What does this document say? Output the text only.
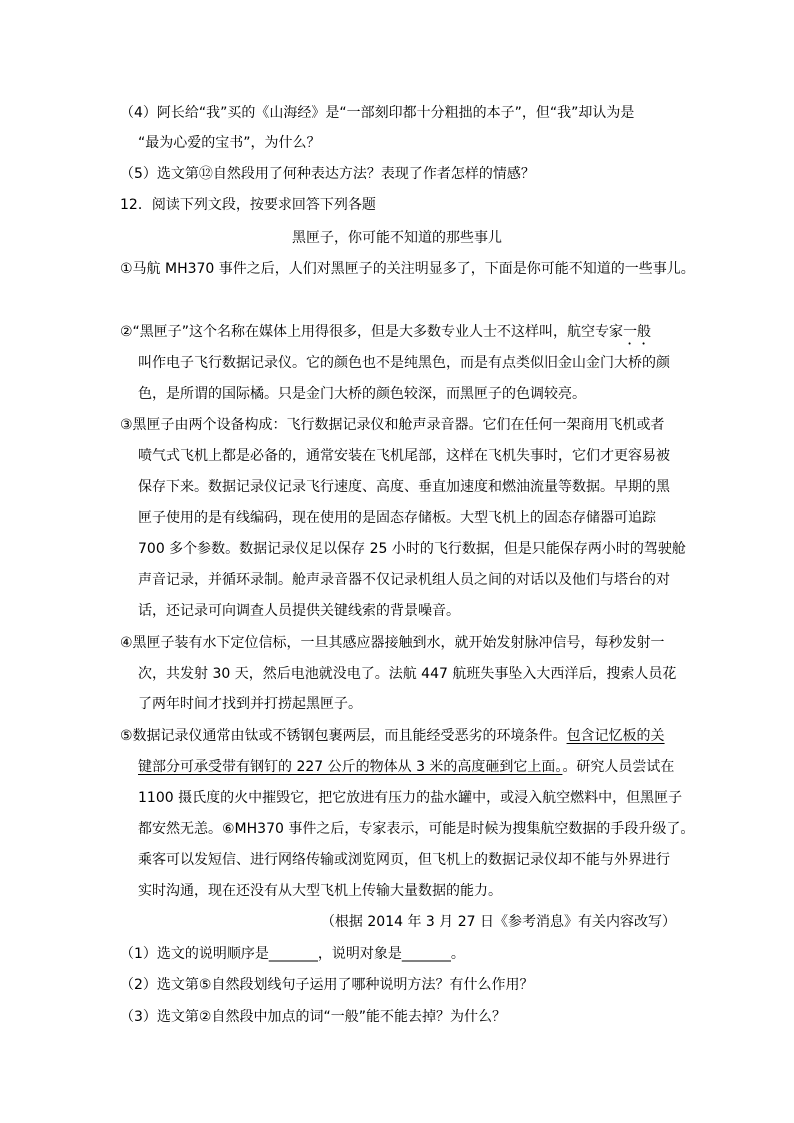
（4）阿长给“我”买的《山海经》是“一部刻印都十分粗拙的本子”，但“我”却认为是
“最为心爱的宝书”，为什么？
（5）选文第⑫自然段用了何种表达方法？表现了作者怎样的情感？
12．阅读下列文段，按要求回答下列各题
黑匣子，你可能不知道的那些事儿
①马航 MH370 事件之后，人们对黑匣子的关注明显多了，下面是你可能不知道的一些事儿。
②“黑匣子”这个名称在媒体上用得很多，但是大多数专业人士不这样叫，航空专家一般
叫作电子飞行数据记录仪。它的颜色也不是纯黑色，而是有点类似旧金山金门大桥的颜
色，是所谓的国际橘。只是金门大桥的颜色较深，而黑匣子的色调较亮。
③黑匣子由两个设备构成：飞行数据记录仪和舱声录音器。它们在任何一架商用飞机或者
喷气式飞机上都是必备的，通常安装在飞机尾部，这样在飞机失事时，它们才更容易被
保存下来。数据记录仪记录飞行速度、高度、垂直加速度和燃油流量等数据。早期的黑
匣子使用的是有线编码，现在使用的是固态存储板。大型飞机上的固态存储器可追踪
700 多个参数。数据记录仪足以保存 25 小时的飞行数据，但是只能保存两小时的驾驶舱
声音记录，并循环录制。舱声录音器不仅记录机组人员之间的对话以及他们与塔台的对
话，还记录可向调查人员提供关键线索的背景噪音。
④黑匣子装有水下定位信标，一旦其感应器接触到水，就开始发射脉冲信号，每秒发射一
次，共发射 30 天，然后电池就没电了。法航 447 航班失事坠入大西洋后，搜索人员花
了两年时间才找到并打捞起黑匣子。
⑤数据记录仪通常由钛或不锈钢包裹两层，而且能经受恶劣的环境条件。包含记忆板的关
键部分可承受带有钢钉的 227 公斤的物体从 3 米的高度砸到它上面。。研究人员尝试在
1100 摄氏度的火中摧毁它，把它放进有压力的盐水罐中，或浸入航空燃料中，但黑匣子
都安然无恙。⑥MH370 事件之后，专家表示，可能是时候为搜集航空数据的手段升级了。
乘客可以发短信、进行网络传输或浏览网页，但飞机上的数据记录仪却不能与外界进行
实时沟通，现在还没有从大型飞机上传输大量数据的能力。
（根据 2014 年 3 月 27 日《参考消息》有关内容改写）
（1）选文的说明顺序是_______，说明对象是_______。
（2）选文第⑤自然段划线句子运用了哪种说明方法？有什么作用？
（3）选文第②自然段中加点的词“一般”能不能去掉？为什么？
